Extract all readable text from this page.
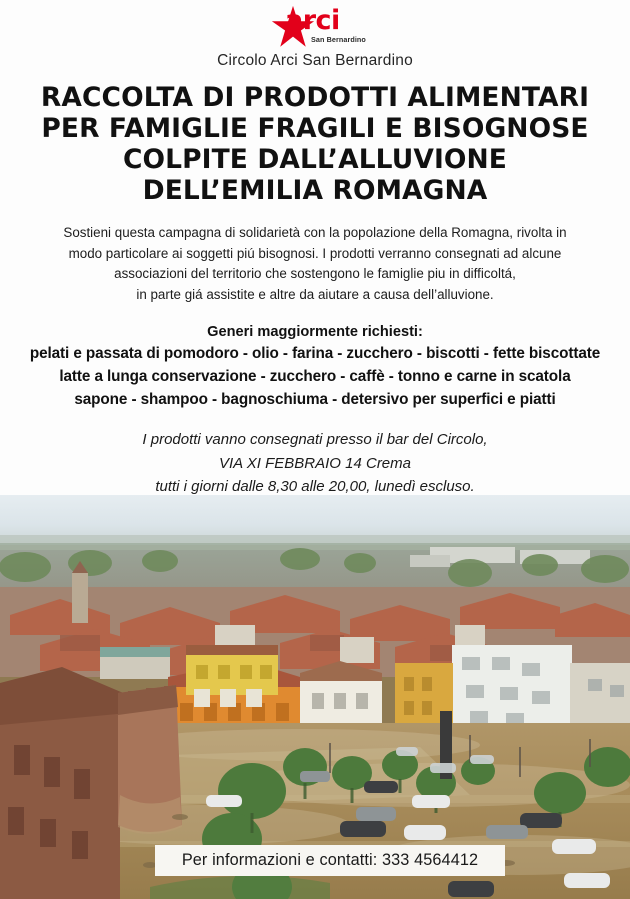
arci
San Bernardino
Circolo Arci San Bernardino
RACCOLTA DI PRODOTTI ALIMENTARI
PER FAMIGLIE FRAGILI E BISOGNOSE
COLPITE DALL’ALLUVIONE
DELL’EMILIA ROMAGNA
Sostieni questa campagna di solidarietà con la popolazione della Romagna, rivolta in
modo particolare ai soggetti piú bisognosi. I prodotti verranno consegnati ad alcune
associazioni del territorio che sostengono le famiglie piu in difficoltá,
in parte giá assistite e altre da aiutare a causa dell’alluvione.
Generi maggiormente richiesti:
pelati e passata di pomodoro - olio - farina - zucchero - biscotti - fette biscottate
latte a lunga conservazione - zucchero - caffè - tonno e carne in scatola
sapone - shampoo - bagnoschiuma - detersivo per superfici e piatti
I prodotti vanno consegnati presso il bar del Circolo,
VIA XI FEBBRAIO 14 Crema
tutti i giorni dalle 8,30 alle 20,00, lunedì escluso.
Per informazioni e contatti: 333 4564412
